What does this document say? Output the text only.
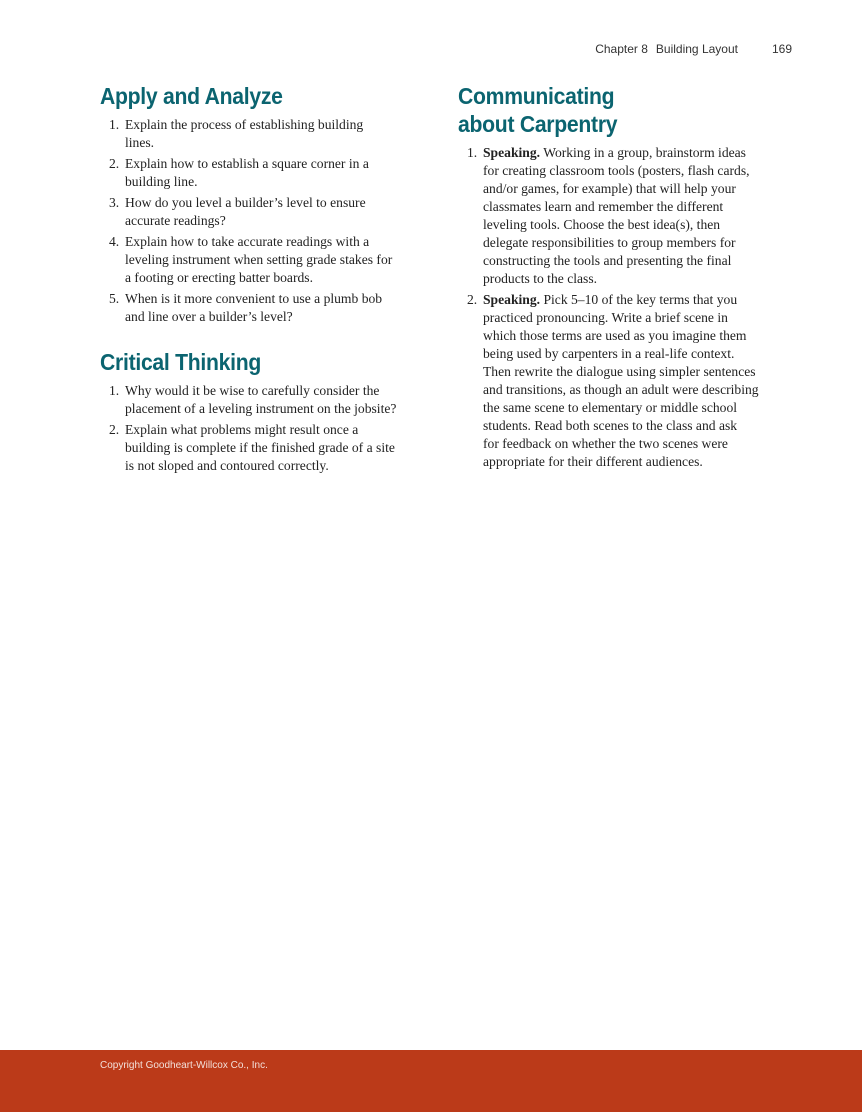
Chapter 8 Building Layout	169
Apply and Analyze
1. Explain the process of establishing building
lines.
2. Explain how to establish a square corner in a
building line.
3. How do you level a builder’s level to ensure
accurate readings?
4. Explain how to take accurate readings with a
leveling instrument when setting grade stakes for
a footing or erecting batter boards.
5. When is it more convenient to use a plumb bob
and line over a builder’s level?
Critical Thinking
1. Why would it be wise to carefully consider the
placement of a leveling instrument on the jobsite?
2. Explain what problems might result once a
building is complete if the finished grade of a site
is not sloped and contoured correctly.
Communicating
about Carpentry
1. Speaking. Working in a group, brainstorm ideas
for creating classroom tools (posters, flash cards,
and/or games, for example) that will help your
classmates learn and remember the different
leveling tools. Choose the best idea(s), then
delegate responsibilities to group members for
constructing the tools and presenting the final
products to the class.
2. Speaking. Pick 5–10 of the key terms that you
practiced pronouncing. Write a brief scene in
which those terms are used as you imagine them
being used by carpenters in a real-life context.
Then rewrite the dialogue using simpler sentences
and transitions, as though an adult were describing
the same scene to elementary or middle school
students. Read both scenes to the class and ask
for feedback on whether the two scenes were
appropriate for their different audiences.
Copyright Goodheart-Willcox Co., Inc.
